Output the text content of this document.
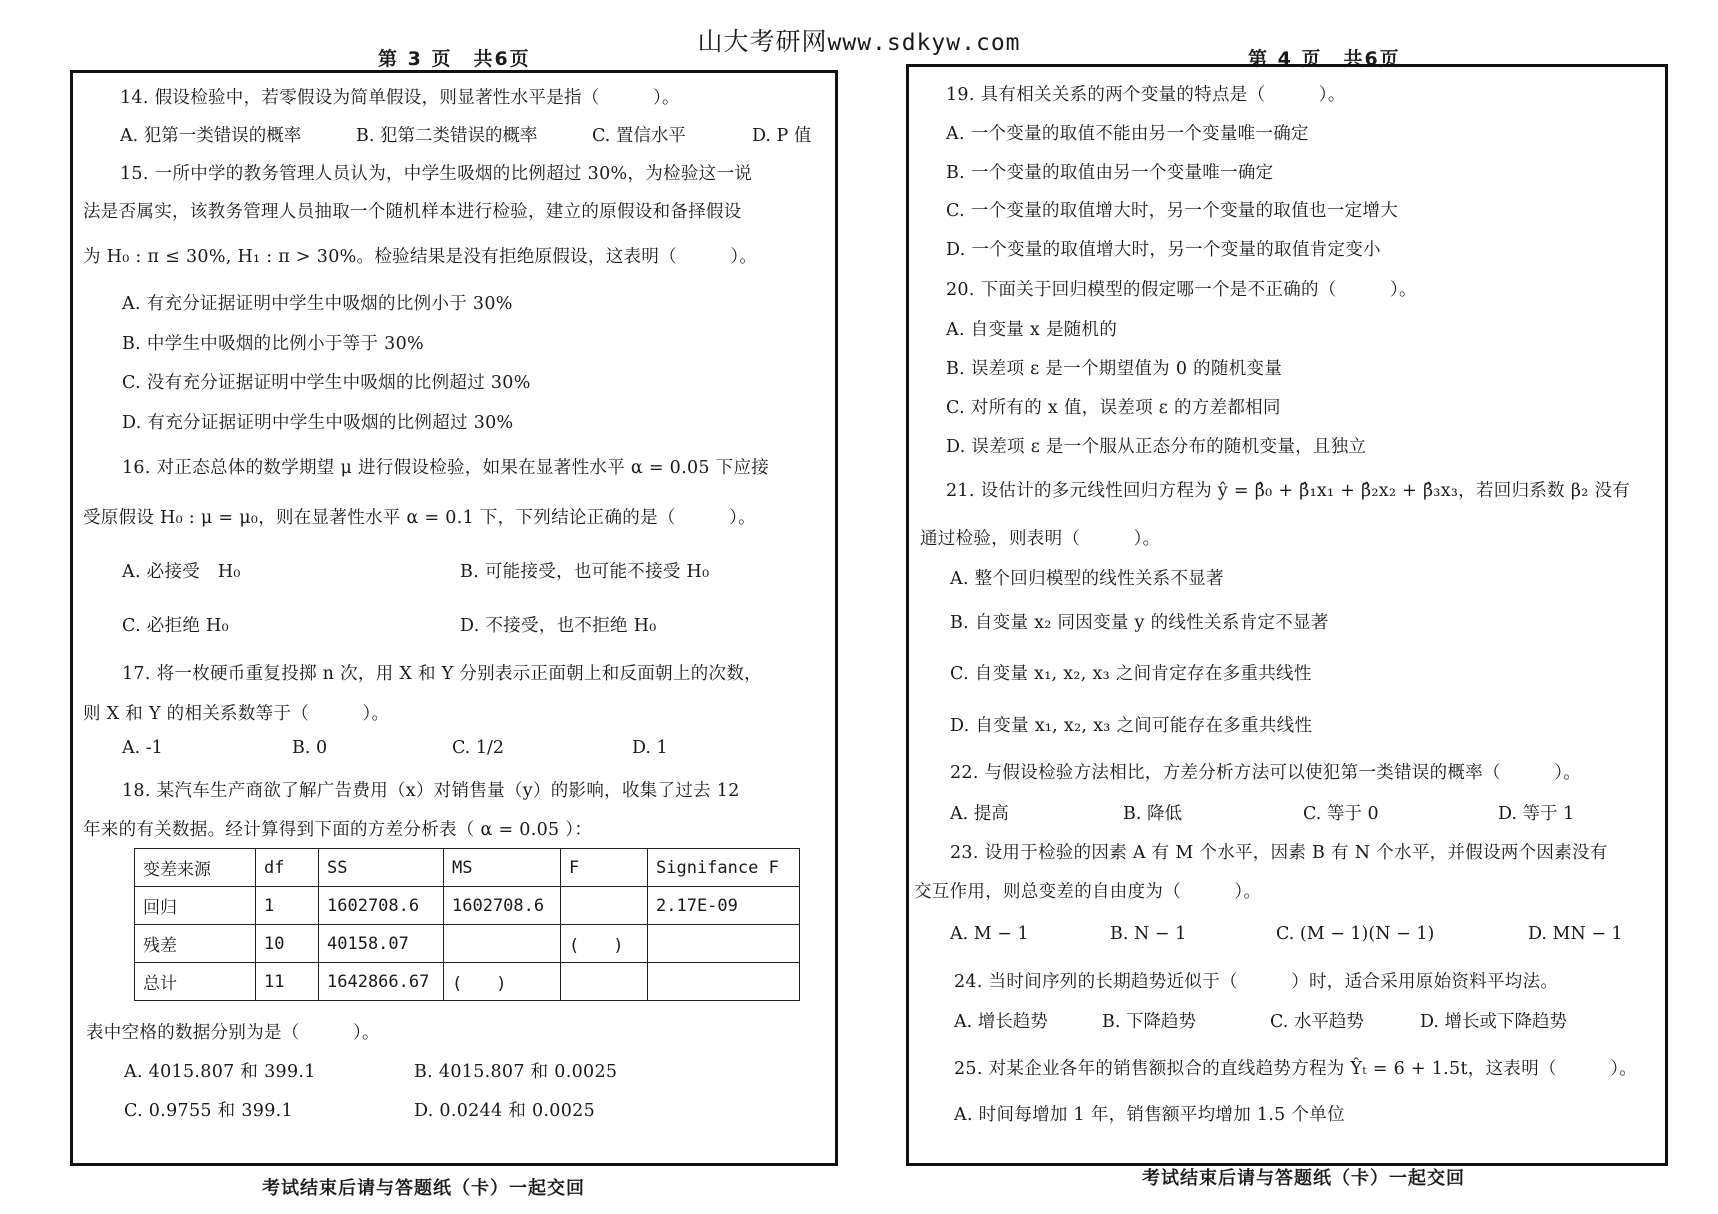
山大考研网www.sdkyw.com
第 3 页　共6页
14. 假设检验中，若零假设为简单假设，则显著性水平是指（　　　）。
A. 犯第一类错误的概率	B. 犯第二类错误的概率	C. 置信水平	D. P 值
15. 一所中学的教务管理人员认为，中学生吸烟的比例超过 30%，为检验这一说
法是否属实，该教务管理人员抽取一个随机样本进行检验，建立的原假设和备择假设
为 H₀ : π ≤ 30%, H₁ : π > 30%。检验结果是没有拒绝原假设，这表明（　　　）。
A. 有充分证据证明中学生中吸烟的比例小于 30%
B. 中学生中吸烟的比例小于等于 30%
C. 没有充分证据证明中学生中吸烟的比例超过 30%
D. 有充分证据证明中学生中吸烟的比例超过 30%
16. 对正态总体的数学期望 μ 进行假设检验，如果在显著性水平 α = 0.05 下应接
受原假设 H₀ : μ = μ₀，则在显著性水平 α = 0.1 下，下列结论正确的是（　　　）。
A. 必接受　H₀	B. 可能接受，也可能不接受 H₀
C. 必拒绝 H₀	D. 不接受，也不拒绝 H₀
17. 将一枚硬币重复投掷 n 次，用 X 和 Y 分别表示正面朝上和反面朝上的次数，
则 X 和 Y 的相关系数等于（　　　）。
A. -1	B. 0	C. 1/2	D. 1
18. 某汽车生产商欲了解广告费用（x）对销售量（y）的影响，收集了过去 12
年来的有关数据。经计算得到下面的方差分析表（ α = 0.05 ）：
变差来源	df	SS	MS	F	Signifance F
回归	1	1602708.6	1602708.6		2.17E-09
残差	10	40158.07		(　　)	
总计	11	1642866.67	(　　)		
表中空格的数据分别为是（　　　）。
A. 4015.807 和 399.1	B. 4015.807 和 0.0025
C. 0.9755 和 399.1	D. 0.0244 和 0.0025
考试结束后请与答题纸（卡）一起交回
第 4 页　共6页
19. 具有相关关系的两个变量的特点是（　　　）。
A. 一个变量的取值不能由另一个变量唯一确定
B. 一个变量的取值由另一个变量唯一确定
C. 一个变量的取值增大时，另一个变量的取值也一定增大
D. 一个变量的取值增大时，另一个变量的取值肯定变小
20. 下面关于回归模型的假定哪一个是不正确的（　　　）。
A. 自变量 x 是随机的
B. 误差项 ε 是一个期望值为 0 的随机变量
C. 对所有的 x 值，误差项 ε 的方差都相同
D. 误差项 ε 是一个服从正态分布的随机变量，且独立
21. 设估计的多元线性回归方程为 ŷ = β̂₀ + β̂₁x₁ + β̂₂x₂ + β̂₃x₃，若回归系数 β₂ 没有
通过检验，则表明（　　　）。
A. 整个回归模型的线性关系不显著
B. 自变量 x₂ 同因变量 y 的线性关系肯定不显著
C. 自变量 x₁, x₂, x₃ 之间肯定存在多重共线性
D. 自变量 x₁, x₂, x₃ 之间可能存在多重共线性
22. 与假设检验方法相比，方差分析方法可以使犯第一类错误的概率（　　　）。
A. 提高	B. 降低	C. 等于 0	D. 等于 1
23. 设用于检验的因素 A 有 M 个水平，因素 B 有 N 个水平，并假设两个因素没有
交互作用，则总变差的自由度为（　　　）。
A. M − 1	B. N − 1	C. (M − 1)(N − 1)	D. MN − 1
24. 当时间序列的长期趋势近似于（　　　）时，适合采用原始资料平均法。
A. 增长趋势	B. 下降趋势	C. 水平趋势	D. 增长或下降趋势
25. 对某企业各年的销售额拟合的直线趋势方程为 Ŷₜ = 6 + 1.5t，这表明（　　　）。
A. 时间每增加 1 年，销售额平均增加 1.5 个单位
考试结束后请与答题纸（卡）一起交回
